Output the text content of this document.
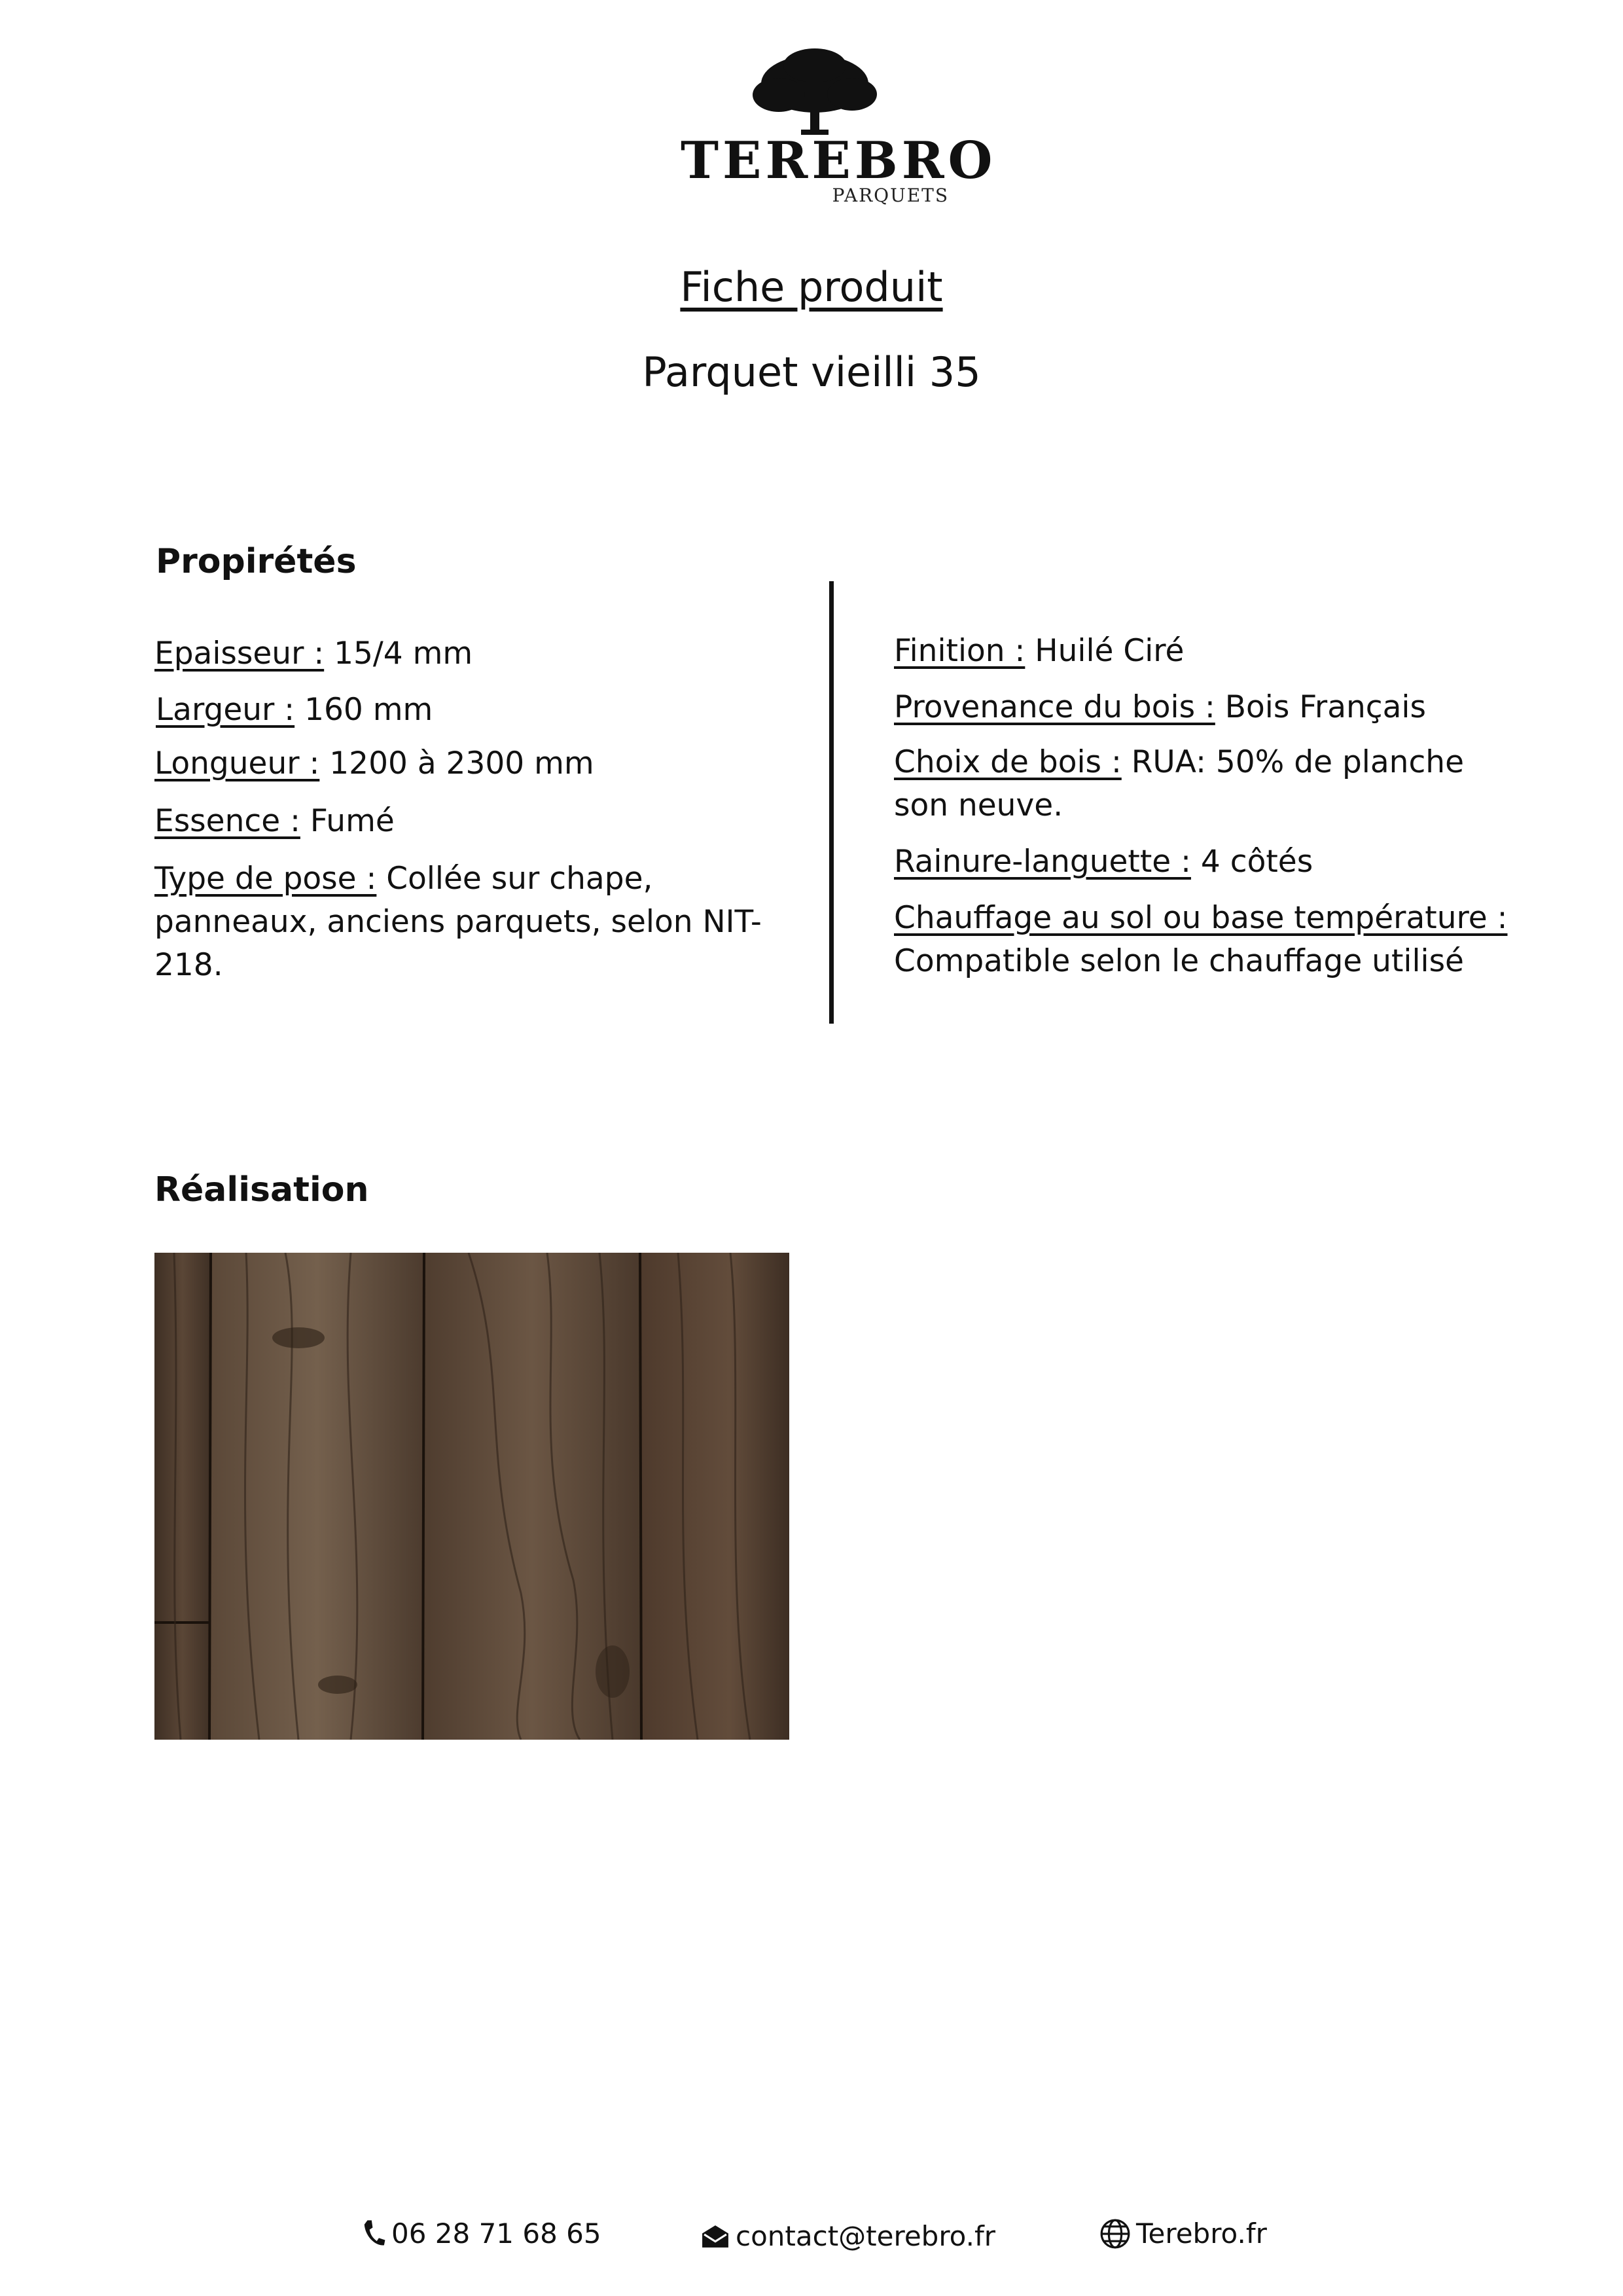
TEREBRO
PARQUETS
Fiche produit
Parquet vieilli 35
Propirétés
Epaisseur : 15/4 mm
Largeur : 160 mm
Longueur : 1200 à 2300 mm
Essence : Fumé
Type de pose : Collée sur chape, panneaux, anciens parquets, selon NIT-218.
Finition : Huilé Ciré
Provenance du bois : Bois Français
Choix de bois : RUA: 50% de planche son neuve.
Rainure-languette : 4 côtés
Chauffage au sol ou base température : Compatible selon le chauffage utilisé
Réalisation
06 28 71 68 65	contact@terebro.fr	Terebro.fr
